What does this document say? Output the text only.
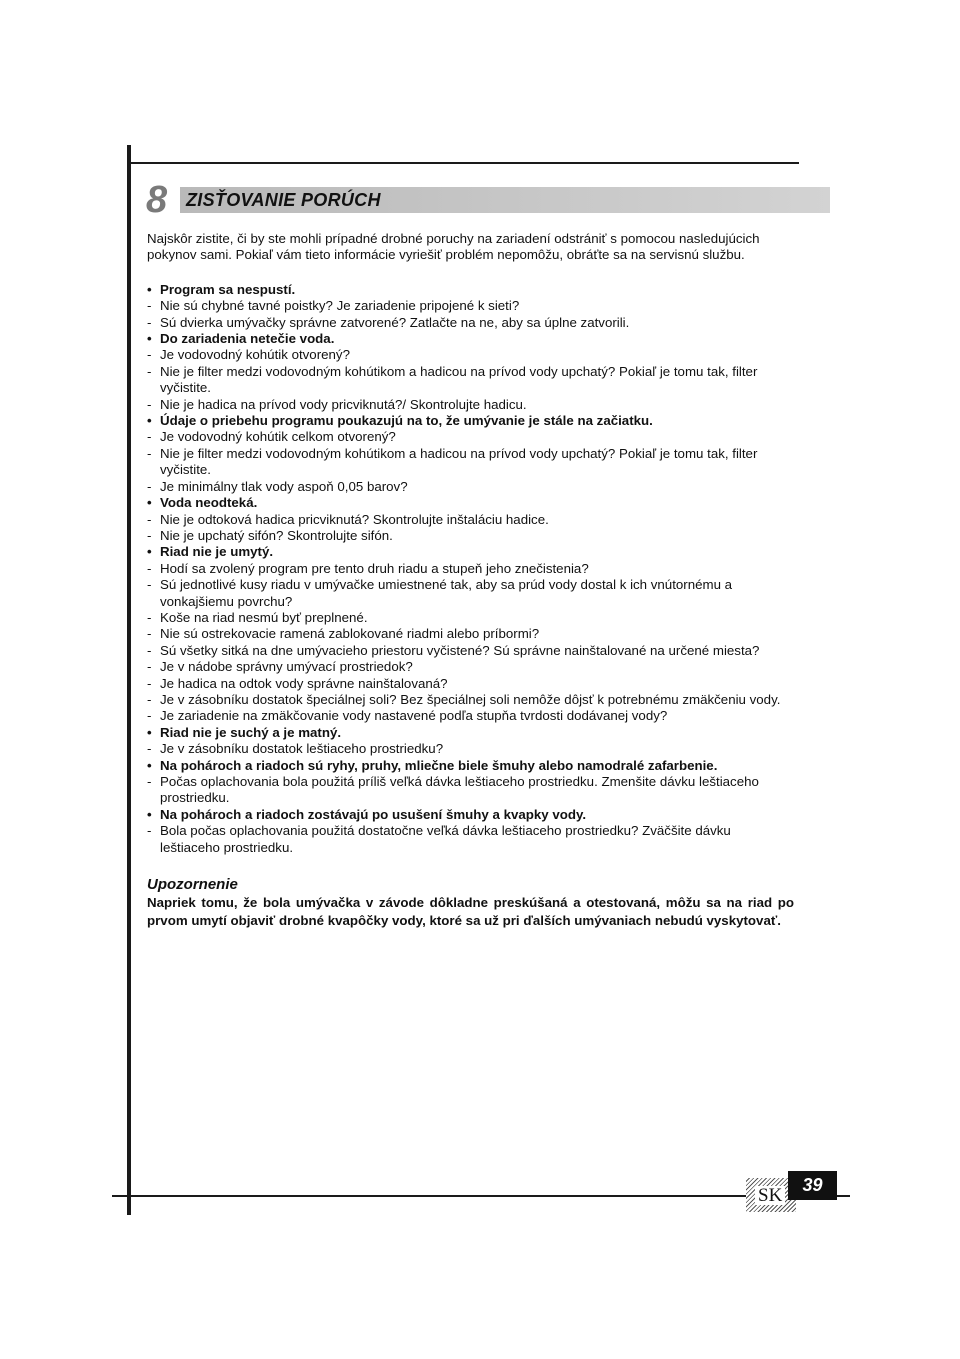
8	ZISŤOVANIE PORÚCH

Najskôr zistite, či by ste mohli prípadné drobné poruchy na zariadení odstrániť s pomocou nasledujúcich pokynov sami. Pokiaľ vám tieto informácie vyriešiť problém nepomôžu, obráťte sa na servisnú službu.

• Program sa nespustí.
- Nie sú chybné tavné poistky? Je zariadenie pripojené k sieti?
- Sú dvierka umývačky správne zatvorené? Zatlačte na ne, aby sa úplne zatvorili.
• Do zariadenia netečie voda.
- Je vodovodný kohútik otvorený?
- Nie je filter medzi vodovodným kohútikom a hadicou na prívod vody upchatý? Pokiaľ je tomu tak, filter vyčistite.
- Nie je hadica na prívod vody pricviknutá?/ Skontrolujte hadicu.
• Údaje o priebehu programu poukazujú na to, že umývanie je stále na začiatku.
- Je vodovodný kohútik celkom otvorený?
- Nie je filter medzi vodovodným kohútikom a hadicou na prívod vody upchatý? Pokiaľ je tomu tak, filter vyčistite.
- Je minimálny tlak vody aspoň 0,05 barov?
• Voda neodteká.
- Nie je odtoková hadica pricviknutá? Skontrolujte inštaláciu hadice.
- Nie je upchatý sifón? Skontrolujte sifón.
• Riad nie je umytý.
- Hodí sa zvolený program pre tento druh riadu a stupeň jeho znečistenia?
- Sú jednotlivé kusy riadu v umývačke umiestnené tak, aby sa prúd vody dostal k ich vnútornému a vonkajšiemu povrchu?
- Koše na riad nesmú byť preplnené.
- Nie sú ostrekovacie ramená zablokované riadmi alebo príbormi?
- Sú všetky sitká na dne umývacieho priestoru vyčistené? Sú správne nainštalované na určené miesta?
- Je v nádobe správny umývací prostriedok?
- Je hadica na odtok vody správne nainštalovaná?
- Je v zásobníku dostatok špeciálnej soli? Bez špeciálnej soli nemôže dôjsť k potrebnému zmäkčeniu vody.
- Je zariadenie na zmäkčovanie vody nastavené podľa stupňa tvrdosti dodávanej vody?
• Riad nie je suchý a je matný.
- Je v zásobníku dostatok leštiaceho prostriedku?
• Na pohároch a riadoch sú ryhy, pruhy, mliečne biele šmuhy alebo namodralé zafarbenie.
- Počas oplachovania bola použitá príliš veľká dávka leštiaceho prostriedku. Zmenšite dávku leštiaceho prostriedku.
• Na pohároch a riadoch zostávajú po usušení šmuhy a kvapky vody.
- Bola počas oplachovania použitá dostatočne veľká dávka leštiaceho prostriedku? Zväčšite dávku leštiaceho prostriedku.
Upozornenie

Napriek tomu, že bola umývačka v závode dôkladne preskúšaná a otestovaná, môžu sa na riad po prvom umytí objaviť drobné kvapôčky vody, ktoré sa už pri ďalších umývaniach nebudú vyskytovať.

SK	39
